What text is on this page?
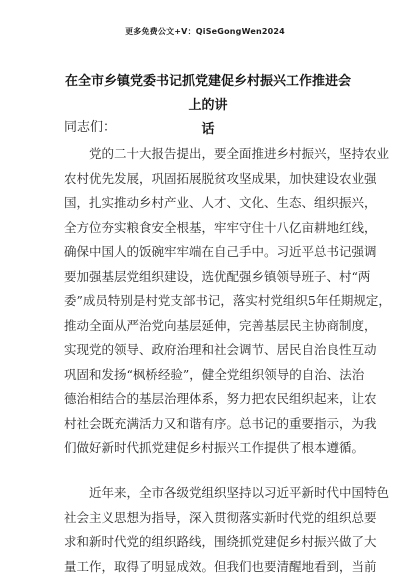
更多免费公文+V：QiSeGongWen2024
在全市乡镇党委书记抓党建促乡村振兴工作推进会上的讲
话
同志们：

党的二十大报告提出，要全面推进乡村振兴，坚持农业
农村优先发展，巩固拓展脱贫攻坚成果，加快建设农业强
国，扎实推动乡村产业、人才、文化、生态、组织振兴，
全方位夯实粮食安全根基，牢牢守住十八亿亩耕地红线，
确保中国人的饭碗牢牢端在自己手中。习近平总书记强调
要加强基层党组织建设，选优配强乡镇领导班子、村“两
委”成员特别是村党支部书记，落实村党组织5年任期规定，
推动全面从严治党向基层延伸，完善基层民主协商制度，
实现党的领导、政府治理和社会调节、居民自治良性互动
巩固和发扬“枫桥经验”，健全党组织领导的自治、法治
德治相结合的基层治理体系，努力把农民组织起来，让农
村社会既充满活力又和谐有序。总书记的重要指示，为我
们做好新时代抓党建促乡村振兴工作提供了根本遵循。

近年来，全市各级党组织坚持以习近平新时代中国特色
社会主义思想为指导，深入贯彻落实新时代党的组织总要
求和新时代党的组织路线，围绕抓党建促乡村振兴做了大
量工作，取得了明显成效。但我们也要清醒地看到，当前
